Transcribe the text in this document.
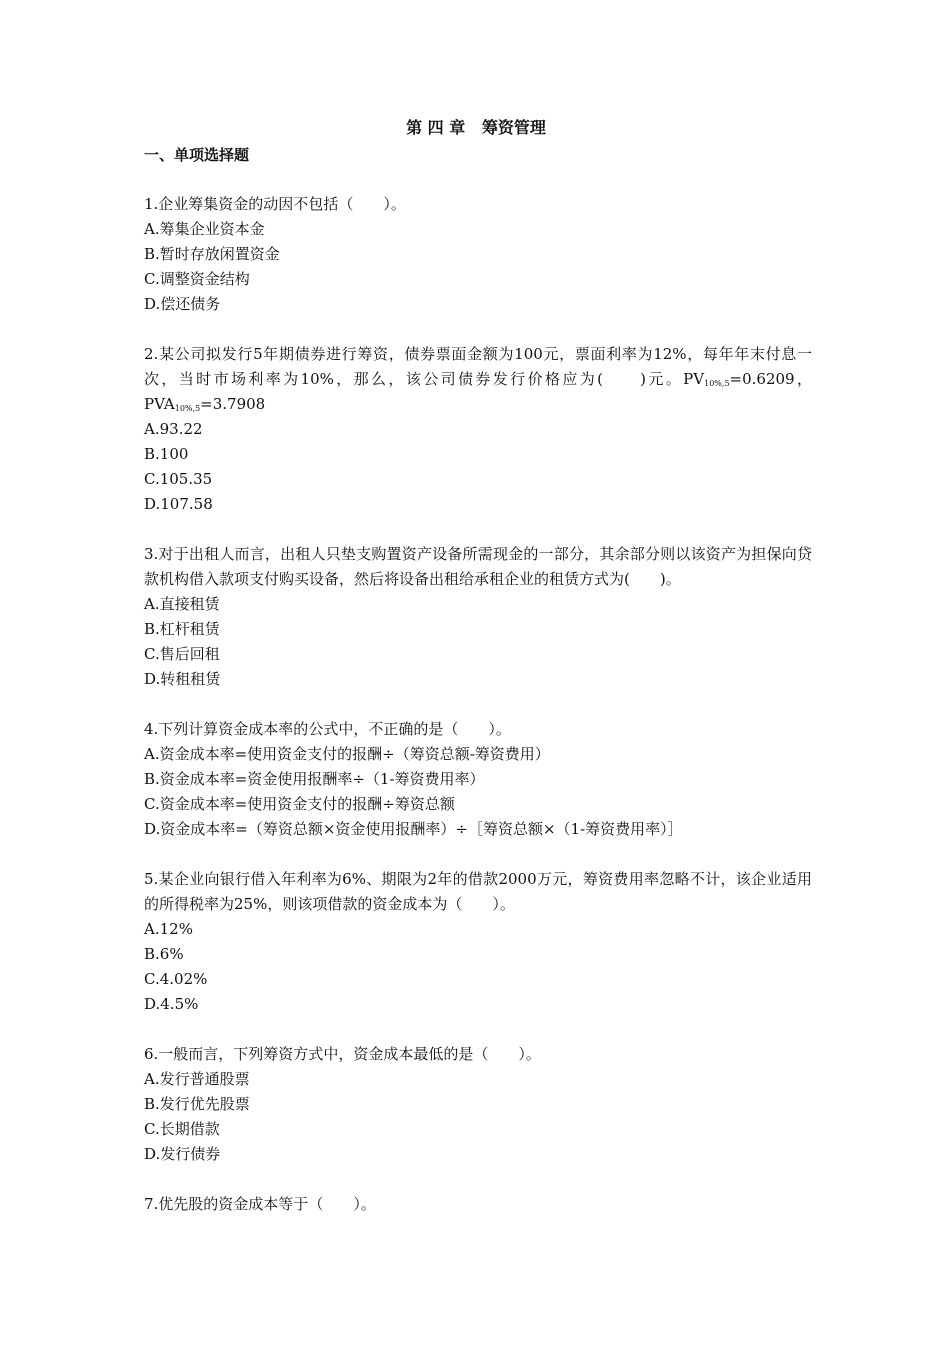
第 四 章   筹资管理
一、单项选择题
1.企业筹集资金的动因不包括（　　）。
A.筹集企业资本金
B.暂时存放闲置资金
C.调整资金结构
D.偿还债务
2.某公司拟发行5年期债券进行筹资，债券票面金额为100元，票面利率为12%，每年年末付息一次，当时市场利率为10%，那么，该公司债券发行价格应为(　　)元。$PV_{10\%,5}=0.6209$，$PVA_{10\%,5}=3.7908$
A.93.22
B.100
C.105.35
D.107.58
3.对于出租人而言，出租人只垫支购置资产设备所需现金的一部分，其余部分则以该资产为担保向贷款机构借入款项支付购买设备，然后将设备出租给承租企业的租赁方式为(　　)。
A.直接租赁
B.杠杆租赁
C.售后回租
D.转租租赁
4.下列计算资金成本率的公式中，不正确的是（　　）。
A.资金成本率=使用资金支付的报酬÷（筹资总额-筹资费用）
B.资金成本率=资金使用报酬率÷（1-筹资费用率）
C.资金成本率=使用资金支付的报酬÷筹资总额
D.资金成本率=（筹资总额×资金使用报酬率）÷［筹资总额×（1-筹资费用率）］
5.某企业向银行借入年利率为6%、期限为2年的借款2000万元，筹资费用率忽略不计，该企业适用的所得税率为25%，则该项借款的资金成本为（　　）。
A.12%
B.6%
C.4.02%
D.4.5%
6.一般而言，下列筹资方式中，资金成本最低的是（　　）。
A.发行普通股票
B.发行优先股票
C.长期借款
D.发行债券
7.优先股的资金成本等于（　　）。
